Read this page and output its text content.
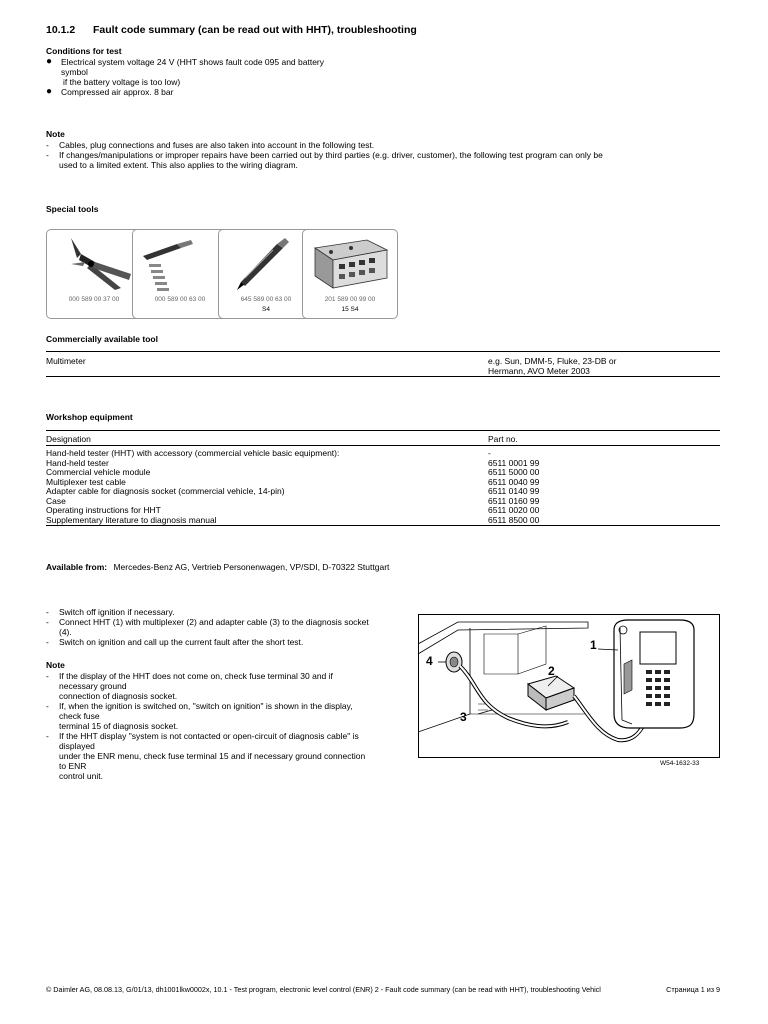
10.1.2 Fault code summary (can be read out with HHT), troubleshooting
Conditions for test
● Electrical system voltage 24 V (HHT shows fault code 095 and battery
symbol
if the battery voltage is too low)
● Compressed air approx. 8 bar
Note
- Cables, plug connections and fuses are also taken into account in the following test.
- If changes/manipulations or improper repairs have been carried out by third parties (e.g. driver, customer), the following test program can only be
used to a limited extent. This also applies to the wiring diagram.
Special tools
000 589 00 37 00	000 589 00 63 00	645 589 00 63 00
S4
201 589 00 99 00
15 S4
Commercially available tool
Multimeter	e.g. Sun, DMM-5, Fluke, 23-DB or
Hermann, AVO Meter 2003
Workshop equipment
Designation	Part no.
Hand-held tester (HHT) with accessory (commercial vehicle basic equipment):	-
Hand-held tester	6511 0001 99
Commercial vehicle module	6511 5000 00
Multiplexer test cable	6511 0040 99
Adapter cable for diagnosis socket (commercial vehicle, 14-pin)	6511 0140 99
Case	6511 0160 99
Operating instructions for HHT	6511 0020 00
Supplementary literature to diagnosis manual	6511 8500 00
Available from: Mercedes-Benz AG, Vertrieb Personenwagen, VP/SDI, D-70322 Stuttgart
- Switch off ignition if necessary.
- Connect HHT (1) with multiplexer (2) and adapter cable (3) to the diagnosis socket
(4).
- Switch on ignition and call up the current fault after the short test.
Note
- If the display of the HHT does not come on, check fuse terminal 30 and if
necessary ground
connection of diagnosis socket.
- If, when the ignition is switched on, "switch on ignition" is shown in the display,
check fuse
terminal 15 of diagnosis socket.
- If the HHT display "system is not contacted or open-circuit of diagnosis cable" is
displayed
under the ENR menu, check fuse terminal 15 and if necessary ground connection
to ENR
control unit.
1
2
3
4
W54-1632-33
© Daimler AG, 08.08.13, G/01/13, dh1001lkw0002x, 10.1 - Test program, electronic level control (ENR) 2 - Fault code summary (can be read with HHT), troubleshooting Vehicl	Страница 1 из 9
